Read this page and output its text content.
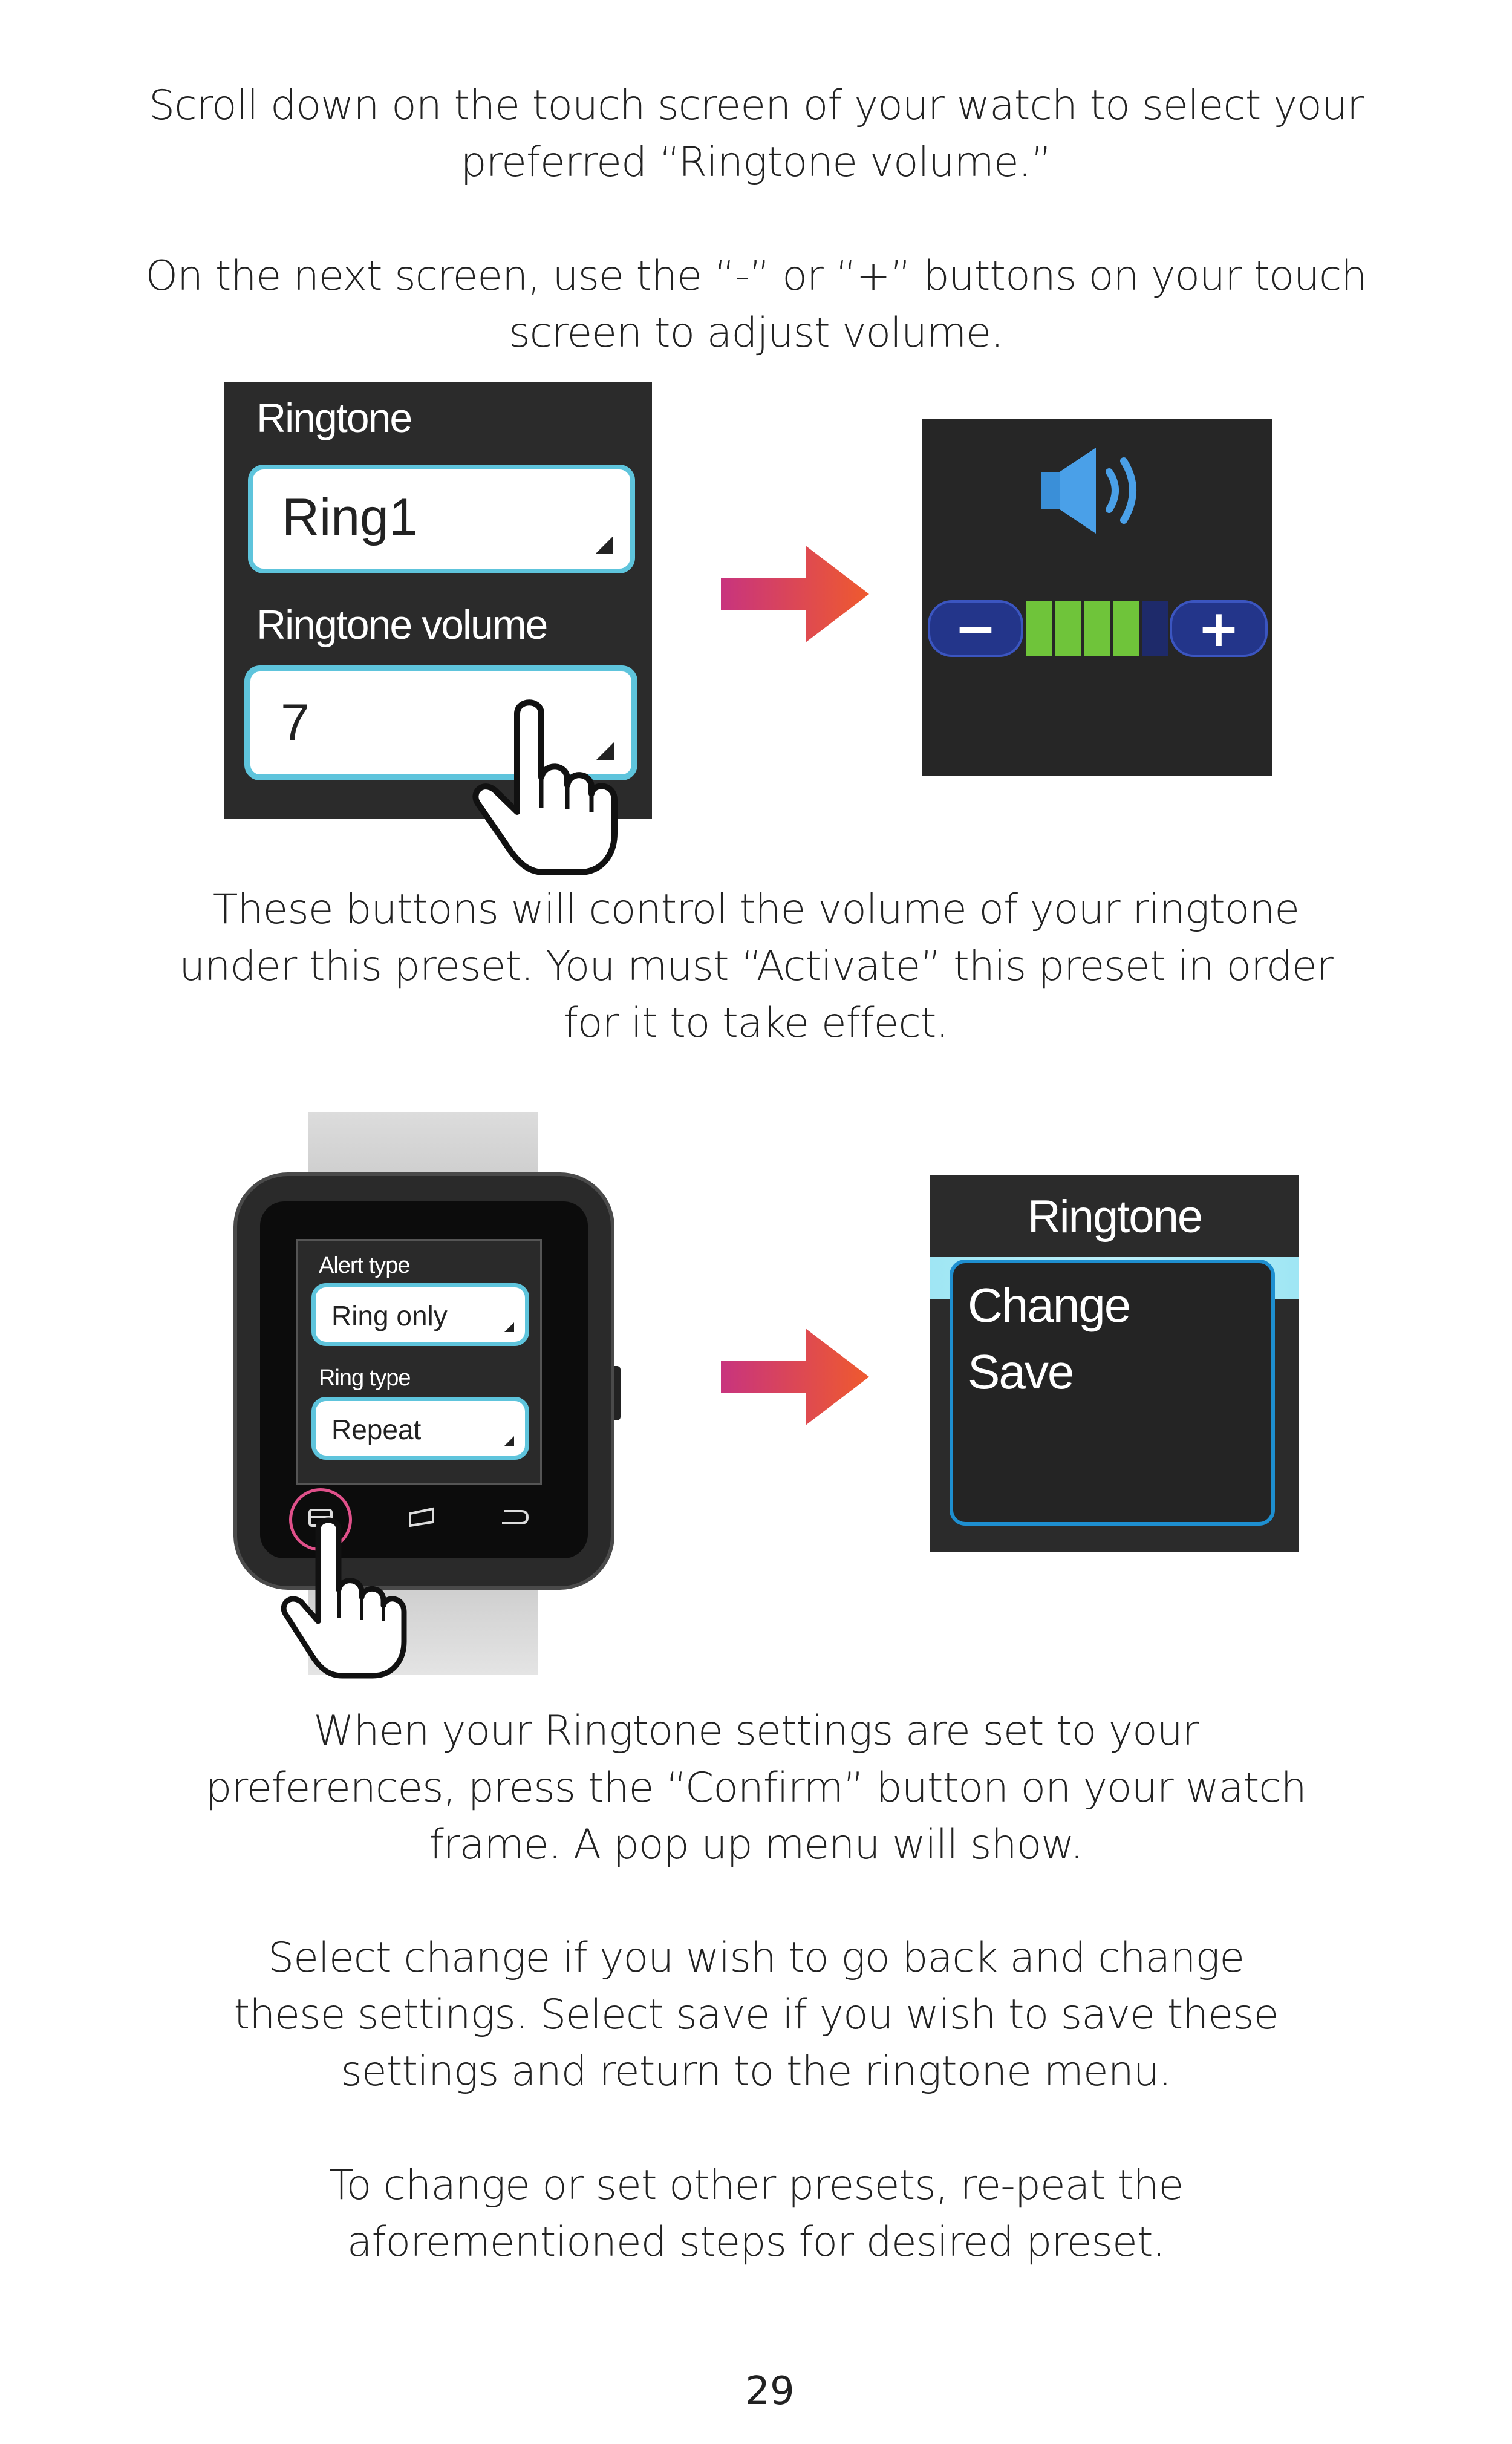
Scroll down on the touch screen of your watch to select your
preferred “Ringtone volume.”
On the next screen, use the “-” or “+” buttons on your touch
screen to adjust volume.
Ringtone
Ring1
Ringtone volume
7
−	+
These buttons will control the volume of your ringtone
under this preset. You must “Activate” this preset in order
for it to take effect.
Alert type
Ring only
Ring type
Repeat
Ringtone
Change
Save
When your Ringtone settings are set to your
preferences, press the “Confirm” button on your watch
frame. A pop up menu will show.
Select change if you wish to go back and change
these settings. Select save if you wish to save these
settings and return to the ringtone menu.
To change or set other presets, re-peat the
aforementioned steps for desired preset.
29
